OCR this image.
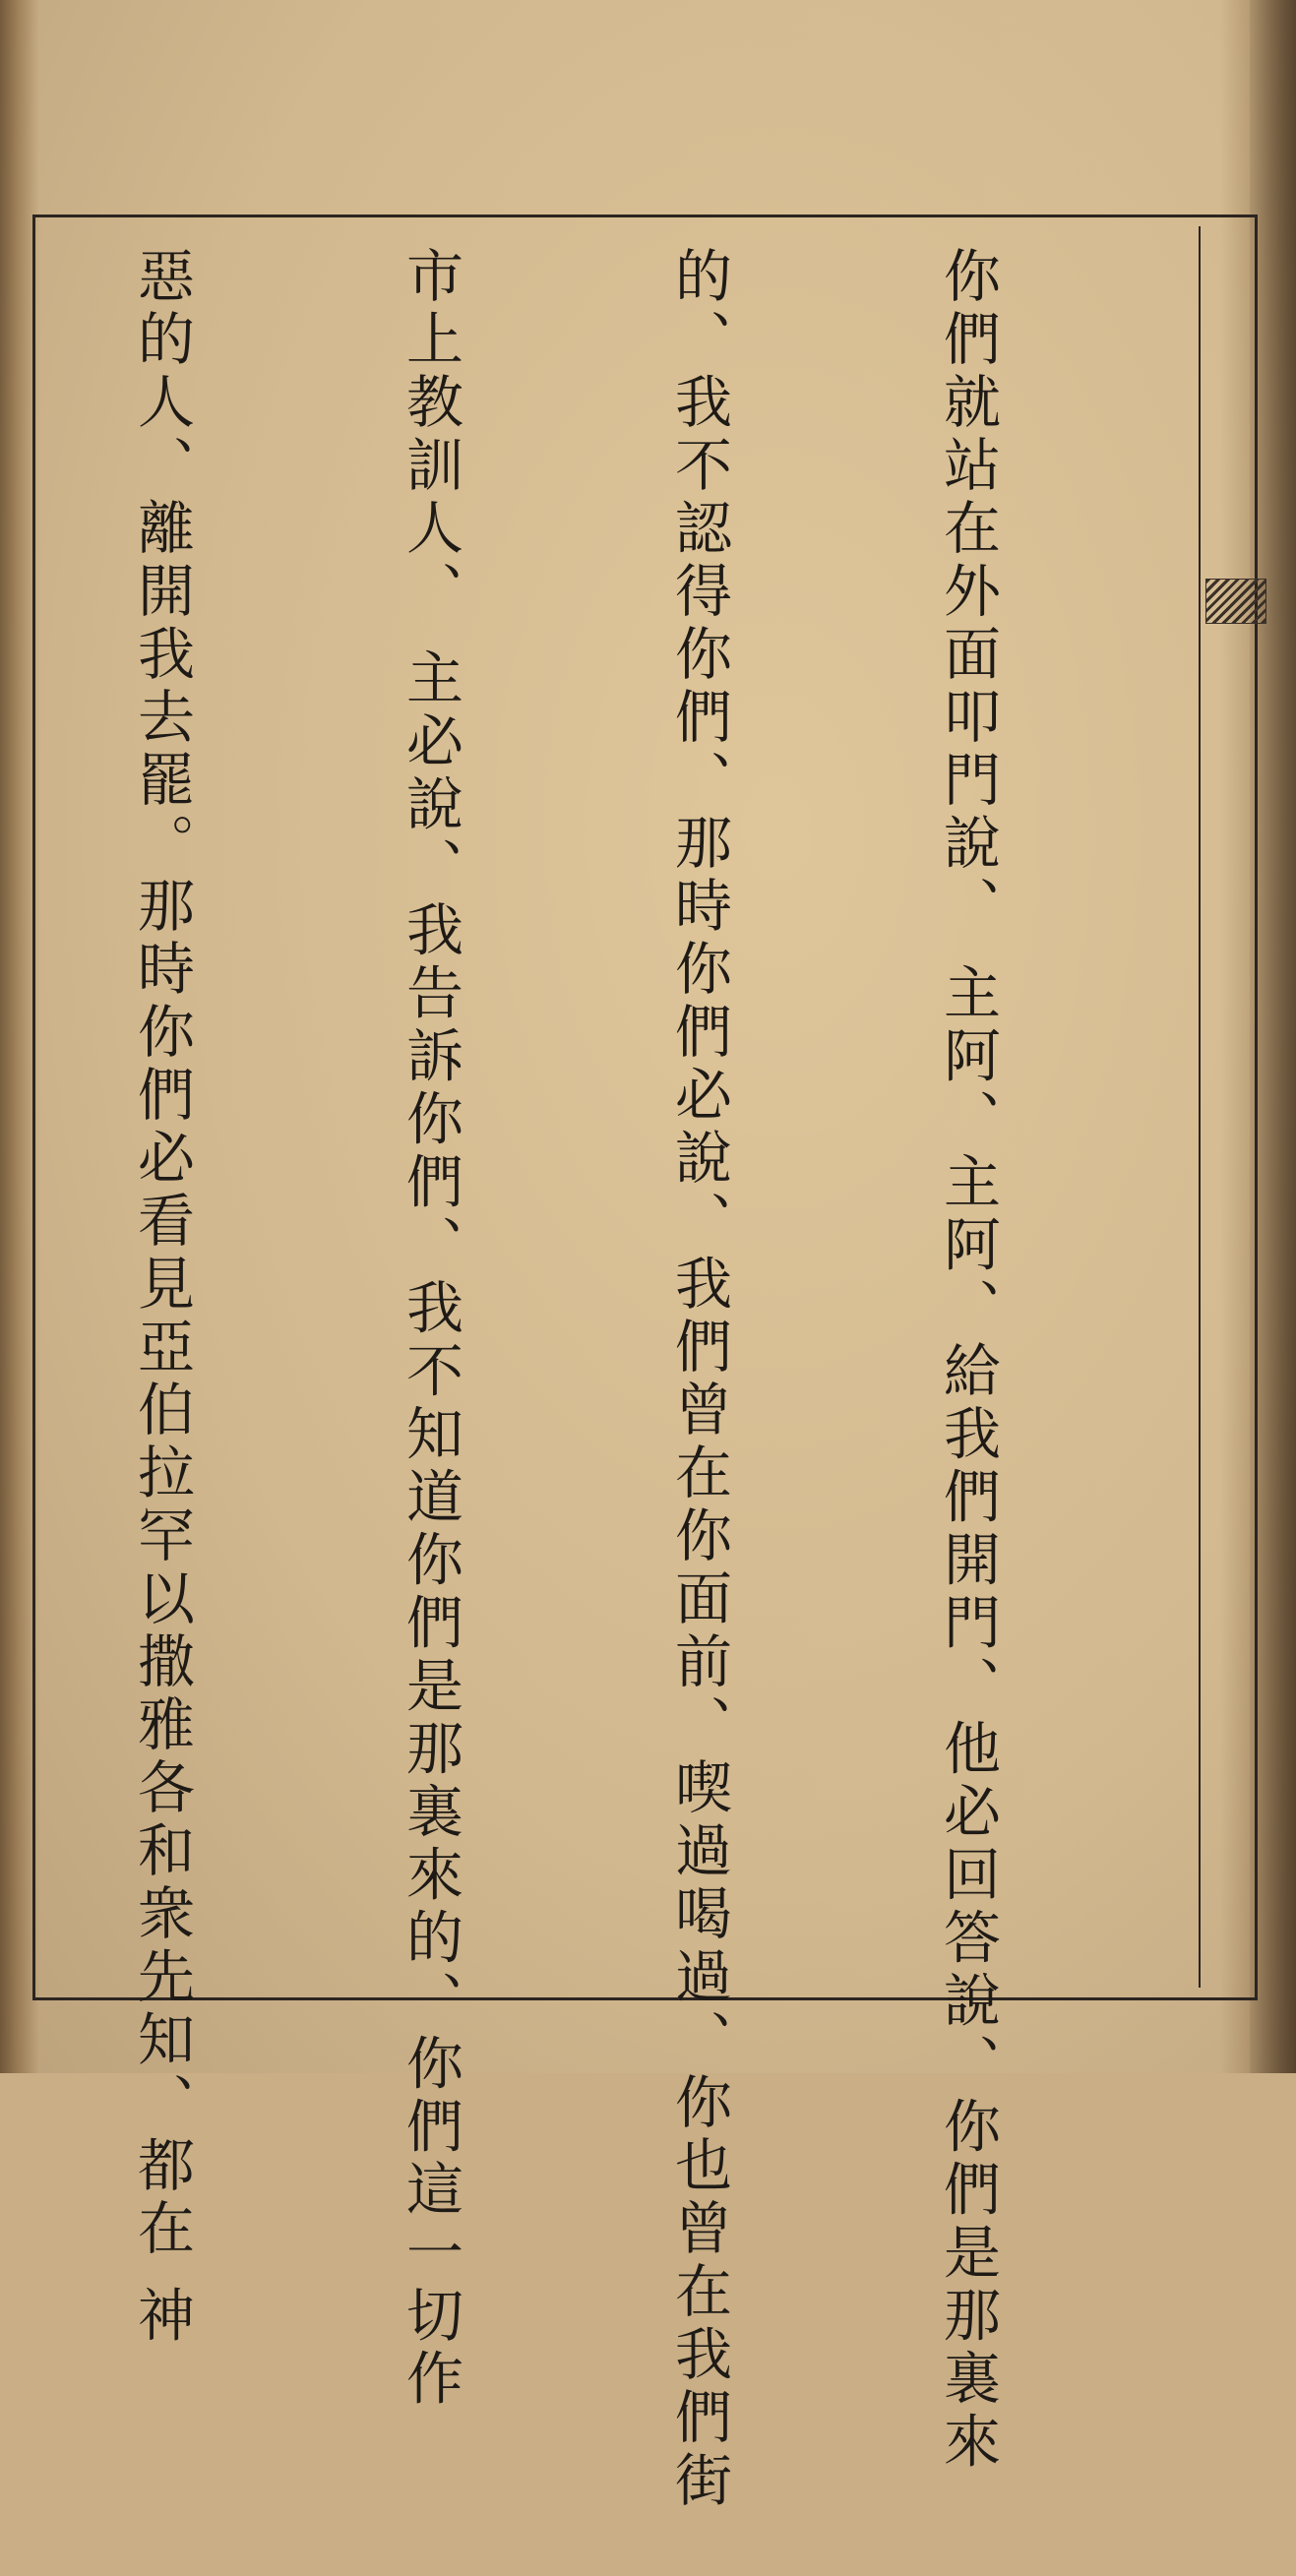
你們就站在外面叩門說、 主阿、主阿、給我們開門、他必回答說、你們是那裏來

的、我不認得你們、那時你們必說、我們曾在你面前、喫過喝過、你也曾在我們街

市上教訓人、 主必說、我告訴你們、我不知道你們是那裏來的、你們這一切作

惡的人、離開我去罷。那時你們必看見亞伯拉罕以撒雅各和衆先知、都在 神
